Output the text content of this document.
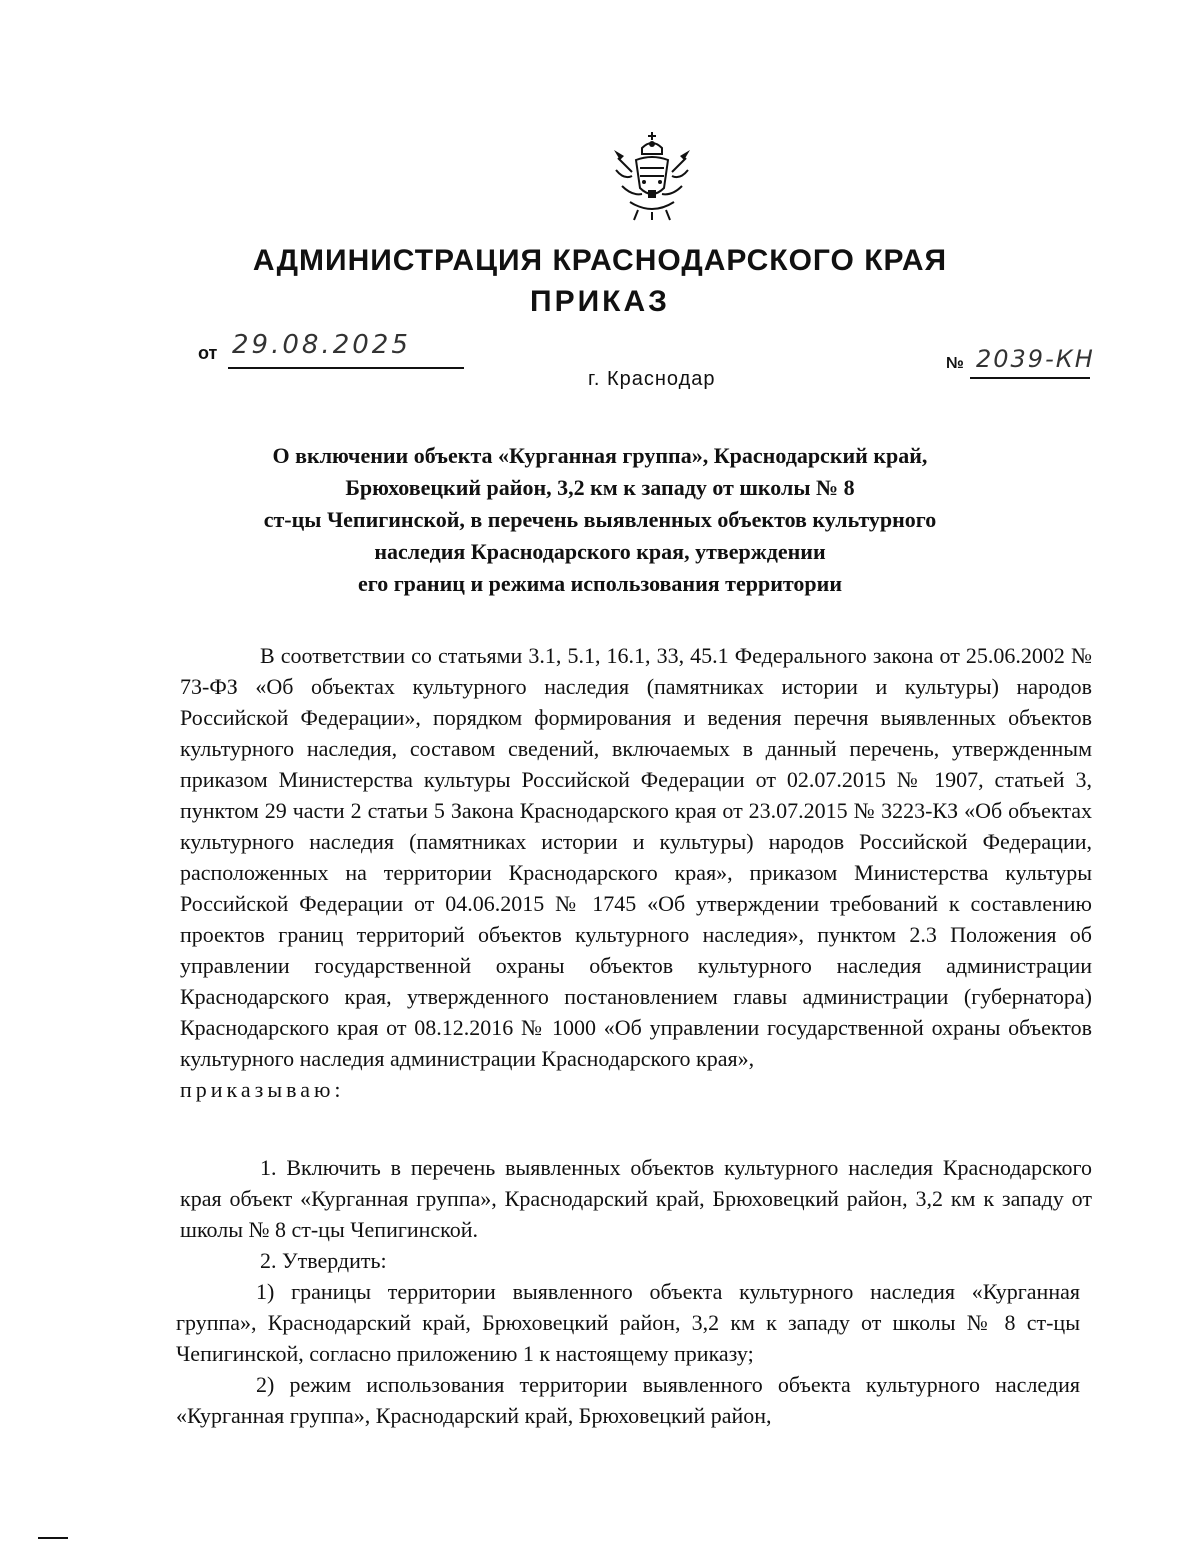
АДМИНИСТРАЦИЯ КРАСНОДАРСКОГО КРАЯ
ПРИКАЗ
от 29.08.2025
г. Краснодар
№ 2039-КН
О включении объекта «Курганная группа», Краснодарский край,
Брюховецкий район, 3,2 км к западу от школы № 8
ст-цы Чепигинской, в перечень выявленных объектов культурного
наследия Краснодарского края, утверждении
его границ и режима использования территории

В соответствии со статьями 3.1, 5.1, 16.1, 33, 45.1 Федерального закона от 25.06.2002 № 73-ФЗ «Об объектах культурного наследия (памятниках истории и культуры) народов Российской Федерации», порядком формирования и ведения перечня выявленных объектов культурного наследия, составом сведений, включаемых в данный перечень, утвержденным приказом Министерства культуры Российской Федерации от 02.07.2015 № 1907, статьей 3, пунктом 29 части 2 статьи 5 Закона Краснодарского края от 23.07.2015 № 3223-КЗ «Об объектах культурного наследия (памятниках истории и культуры) народов Российской Федерации, расположенных на территории Краснодарского края», приказом Министерства культуры Российской Федерации от 04.06.2015 № 1745 «Об утверждении требований к составлению проектов границ территорий объектов культурного наследия», пунктом 2.3 Положения об управлении государственной охраны объектов культурного наследия администрации Краснодарского края, утвержденного постановлением главы администрации (губернатора) Краснодарского края от 08.12.2016 № 1000 «Об управлении государственной охраны объектов культурного наследия администрации Краснодарского края»,

приказываю:

1. Включить в перечень выявленных объектов культурного наследия Краснодарского края объект «Курганная группа», Краснодарский край, Брюховецкий район, 3,2 км к западу от школы № 8 ст-цы Чепигинской.

2. Утвердить:

1) границы территории выявленного объекта культурного наследия «Курганная группа», Краснодарский край, Брюховецкий район, 3,2 км к западу от школы № 8 ст-цы Чепигинской, согласно приложению 1 к настоящему приказу;

2) режим использования территории выявленного объекта культурного наследия «Курганная группа», Краснодарский край, Брюховецкий район,
